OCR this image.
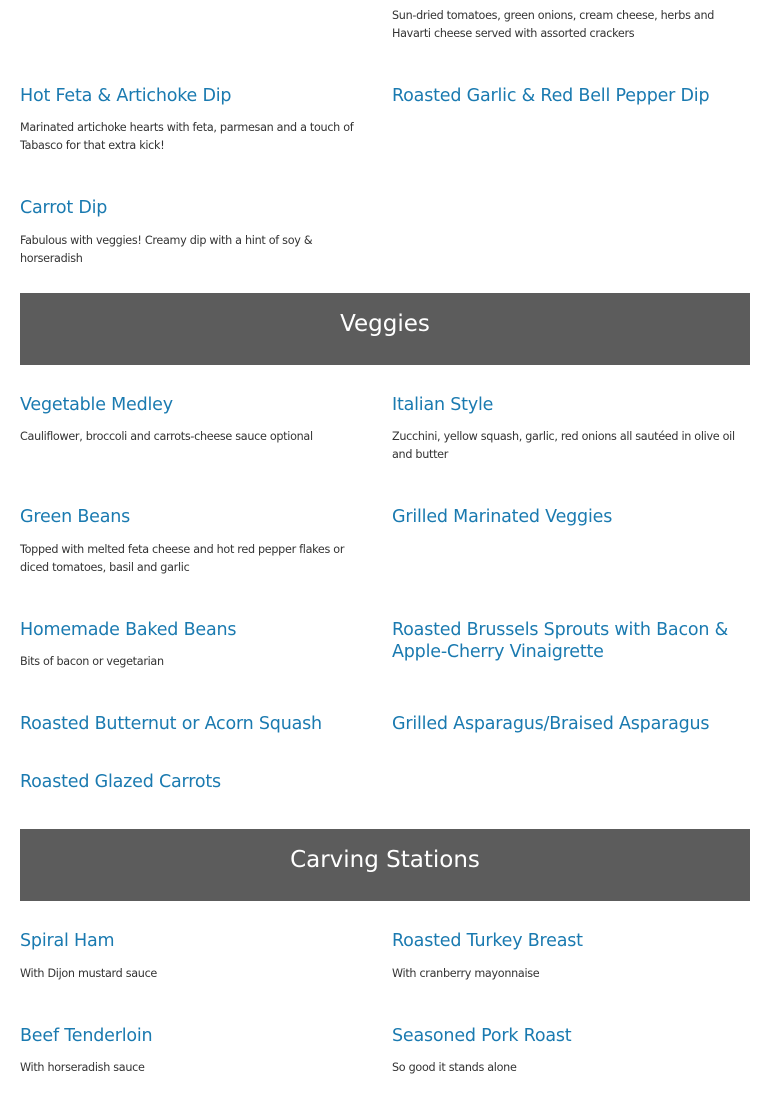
Sun-dried tomatoes, green onions, cream cheese, herbs and Havarti cheese served with assorted crackers

Hot Feta & Artichoke Dip

Marinated artichoke hearts with feta, parmesan and a touch of Tabasco for that extra kick!

Roasted Garlic & Red Bell Pepper Dip
Carrot Dip

Fabulous with veggies! Creamy dip with a hint of soy & horseradish

Veggies
Vegetable Medley

Cauliflower, broccoli and carrots-cheese sauce optional

Italian Style

Zucchini, yellow squash, garlic, red onions all sautéed in olive oil and butter

Green Beans

Topped with melted feta cheese and hot red pepper flakes or diced tomatoes, basil and garlic

Grilled Marinated Veggies
Homemade Baked Beans

Bits of bacon or vegetarian

Roasted Brussels Sprouts with Bacon & Apple-Cherry Vinaigrette
Roasted Butternut or Acorn Squash	Grilled Asparagus/Braised Asparagus
Roasted Glazed Carrots
Carving Stations
Spiral Ham

With Dijon mustard sauce

Roasted Turkey Breast

With cranberry mayonnaise

Beef Tenderloin

With horseradish sauce

Seasoned Pork Roast

So good it stands alone
